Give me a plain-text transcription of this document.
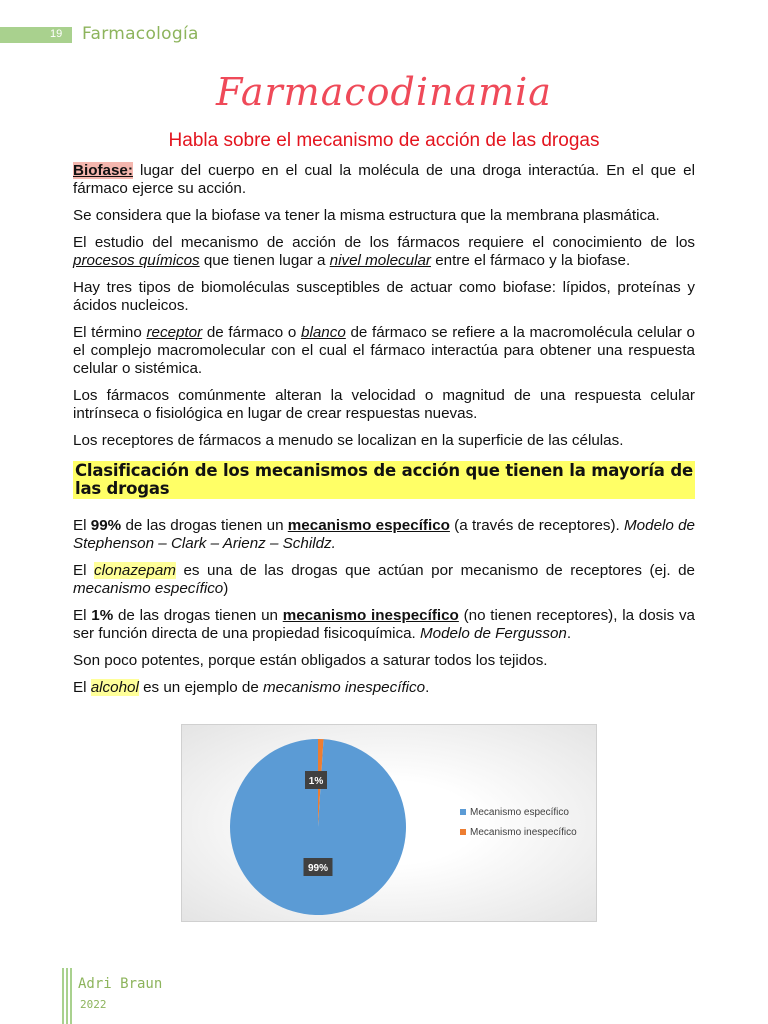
19 Farmacología
Farmacodinamia
Habla sobre el mecanismo de acción de las drogas

Biofase: lugar del cuerpo en el cual la molécula de una droga interactúa. En el que el fármaco ejerce su acción.

Se considera que la biofase va tener la misma estructura que la membrana plasmática.

El estudio del mecanismo de acción de los fármacos requiere el conocimiento de los procesos químicos que tienen lugar a nivel molecular entre el fármaco y la biofase.

Hay tres tipos de biomoléculas susceptibles de actuar como biofase: lípidos, proteínas y ácidos nucleicos.

El término receptor de fármaco o blanco de fármaco se refiere a la macromolécula celular o el complejo macromolecular con el cual el fármaco interactúa para obtener una respuesta celular o sistémica.

Los fármacos comúnmente alteran la velocidad o magnitud de una respuesta celular intrínseca o fisiológica en lugar de crear respuestas nuevas.

Los receptores de fármacos a menudo se localizan en la superficie de las células.

Clasificación de los mecanismos de acción que tienen la mayoría de las drogas

El 99% de las drogas tienen un mecanismo específico (a través de receptores). Modelo de Stephenson – Clark – Arienz – Schildz.

El clonazepam es una de las drogas que actúan por mecanismo de receptores (ej. de mecanismo específico)

El 1% de las drogas tienen un mecanismo inespecífico (no tienen receptores), la dosis va ser función directa de una propiedad fisicoquímica. Modelo de Fergusson.

Son poco potentes, porque están obligados a saturar todos los tejidos.

El alcohol es un ejemplo de mecanismo inespecífico.

99%
1%
Mecanismo específico
Mecanismo inespecífico
Adri Braun
2022
